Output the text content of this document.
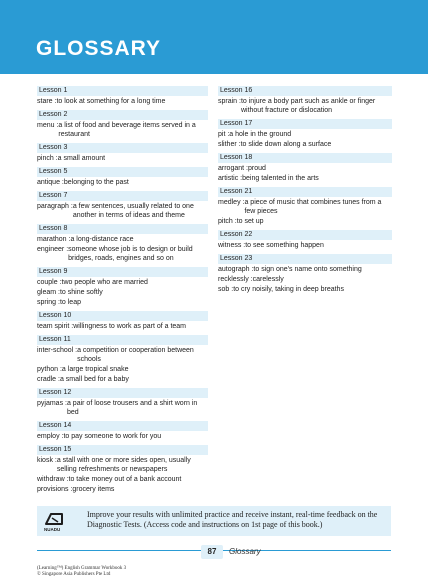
GLOSSARY
Lesson 1
stare : to look at something for a long time
Lesson 2
menu : a list of food and beverage items served in a restaurant
Lesson 3
pinch : a small amount
Lesson 5
antique : belonging to the past
Lesson 7
paragraph : a few sentences, usually related to one another in terms of ideas and theme
Lesson 8
marathon : a long-distance race
engineer : someone whose job is to design or build bridges, roads, engines and so on
Lesson 9
couple : two people who are married
gleam : to shine softly
spring : to leap
Lesson 10
team spirit : willingness to work as part of a team
Lesson 11
inter-school : a competition or cooperation between schools
python : a large tropical snake
cradle : a small bed for a baby
Lesson 12
pyjamas : a pair of loose trousers and a shirt worn in bed
Lesson 14
employ : to pay someone to work for you
Lesson 15
kiosk : a stall with one or more sides open, usually selling refreshments or newspapers
withdraw : to take money out of a bank account
provisions : grocery items
Lesson 16
sprain : to injure a body part such as ankle or finger without fracture or dislocation
Lesson 17
pit : a hole in the ground
slither : to slide down along a surface
Lesson 18
arrogant : proud
artistic : being talented in the arts
Lesson 21
medley : a piece of music that combines tunes from a few pieces
pitch : to set up
Lesson 22
witness : to see something happen
Lesson 23
autograph : to sign one's name onto something
recklessly : carelessly
sob : to cry noisily, taking in deep breaths
NUADU
Improve your results with unlimited practice and receive instant, real-time feedback on the Diagnostic Tests. (Access code and instructions on 1st page of this book.)
87	Glossary
(Learning™) English Grammar Workbook 3
© Singapore Asia Publishers Pte Ltd
